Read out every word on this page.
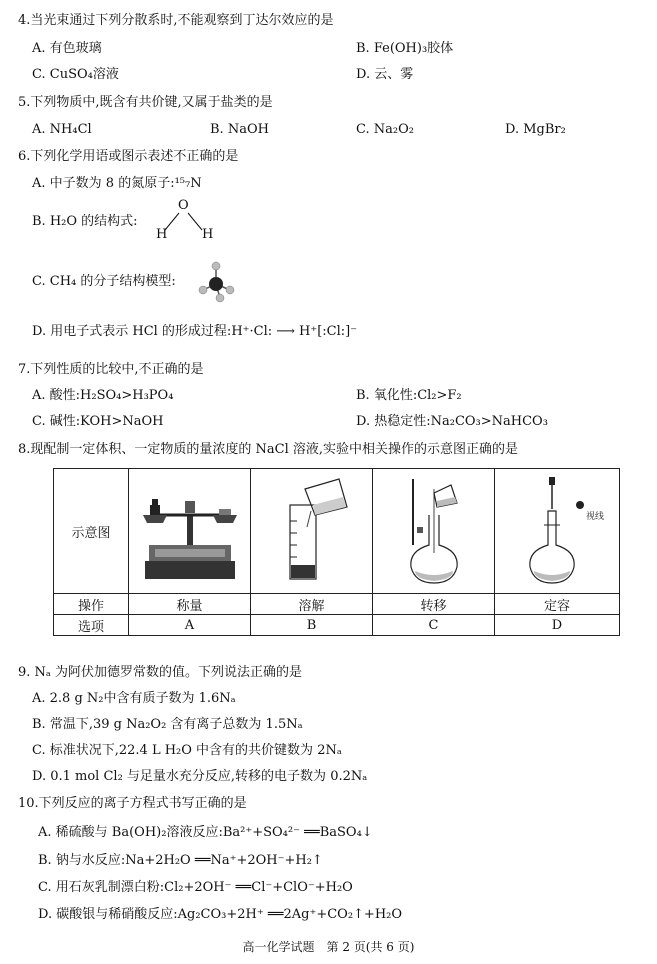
4.当光束通过下列分散系时,不能观察到丁达尔效应的是
A. 有色玻璃	B. Fe(OH)₃胶体
C. CuSO₄溶液	D. 云、雾
5.下列物质中,既含有共价键,又属于盐类的是
A. NH₄Cl	B. NaOH	C. Na₂O₂	D. MgBr₂
6.下列化学用语或图示表述不正确的是
A. 中子数为 8 的氮原子:¹⁵₇N
B. H₂O 的结构式:
O
H	H
C. CH₄ 的分子结构模型:
D. 用电子式表示 HCl 的形成过程:H⁺·Cl: ⟶ H⁺[:Cl:]⁻
7.下列性质的比较中,不正确的是
A. 酸性:H₂SO₄>H₃PO₄	B. 氧化性:Cl₂>F₂
C. 碱性:KOH>NaOH	D. 热稳定性:Na₂CO₃>NaHCO₃
8.现配制一定体积、一定物质的量浓度的 NaCl 溶液,实验中相关操作的示意图正确的是
示意图				视线

操作	称量	溶解	转移	定容
选项	A	B	C	D
9. Nₐ 为阿伏加德罗常数的值。下列说法正确的是
A. 2.8 g N₂中含有质子数为 1.6Nₐ
B. 常温下,39 g Na₂O₂ 含有离子总数为 1.5Nₐ
C. 标准状况下,22.4 L H₂O 中含有的共价键数为 2Nₐ
D. 0.1 mol Cl₂ 与足量水充分反应,转移的电子数为 0.2Nₐ
10.下列反应的离子方程式书写正确的是
A. 稀硫酸与 Ba(OH)₂溶液反应:Ba²⁺+SO₄²⁻ ══BaSO₄↓
B. 钠与水反应:Na+2H₂O ══Na⁺+2OH⁻+H₂↑
C. 用石灰乳制漂白粉:Cl₂+2OH⁻ ══Cl⁻+ClO⁻+H₂O
D. 碳酸银与稀硝酸反应:Ag₂CO₃+2H⁺ ══2Ag⁺+CO₂↑+H₂O
高一化学试题　第 2 页(共 6 页)
